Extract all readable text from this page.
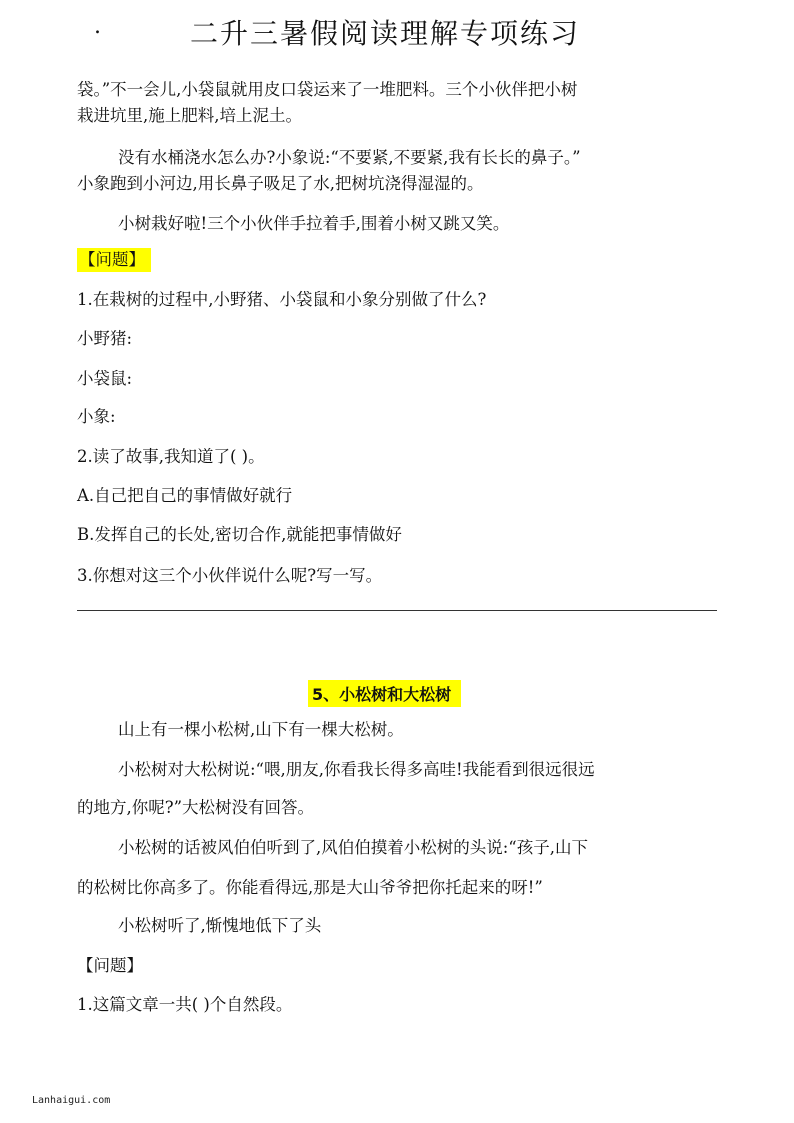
.	二升三暑假阅读理解专项练习
袋。”不一会儿,小袋鼠就用皮口袋运来了一堆肥料。三个小伙伴把小树
栽进坑里,施上肥料,培上泥土。
没有水桶浇水怎么办?小象说:“不要紧,不要紧,我有长长的鼻子。”
小象跑到小河边,用长鼻子吸足了水,把树坑浇得湿湿的。
小树栽好啦!三个小伙伴手拉着手,围着小树又跳又笑。
【问题】
1.在栽树的过程中,小野猪、小袋鼠和小象分别做了什么?
小野猪:
小袋鼠:
小象:
2.读了故事,我知道了( )。
A.自己把自己的事情做好就行
B.发挥自己的长处,密切合作,就能把事情做好
3.你想对这三个小伙伴说什么呢?写一写。
5、小松树和大松树
山上有一棵小松树,山下有一棵大松树。
小松树对大松树说:“喂,朋友,你看我长得多高哇!我能看到很远很远
的地方,你呢?”大松树没有回答。
小松树的话被风伯伯听到了,风伯伯摸着小松树的头说:“孩子,山下
的松树比你高多了。你能看得远,那是大山爷爷把你托起来的呀!”
小松树听了,惭愧地低下了头
【问题】
1.这篇文章一共( )个自然段。
Lanhaigui.com
